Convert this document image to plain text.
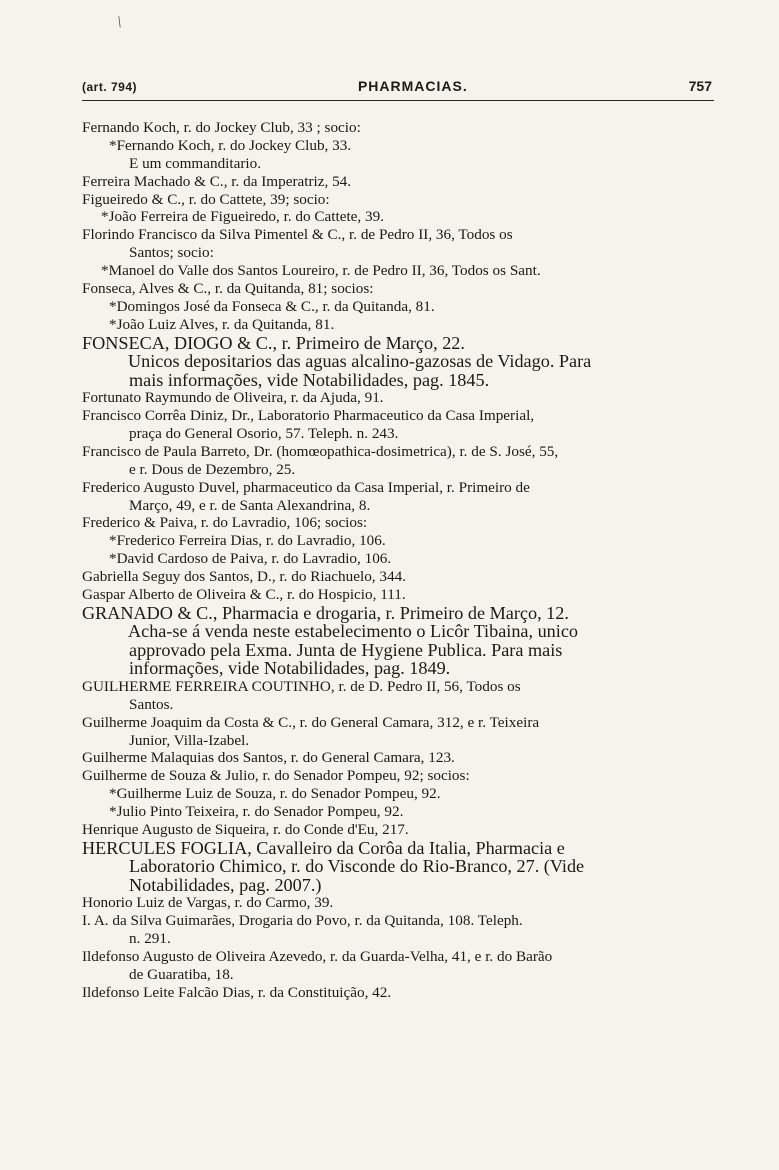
\
(art. 794)	PHARMACIAS.	757
Fernando Koch, r. do Jockey Club, 33 ; socio:
*Fernando Koch, r. do Jockey Club, 33.
E um commanditario.
Ferreira Machado & C., r. da Imperatriz, 54.
Figueiredo & C., r. do Cattete, 39; socio:
*João Ferreira de Figueiredo, r. do Cattete, 39.
Florindo Francisco da Silva Pimentel & C., r. de Pedro II, 36, Todos os
Santos; socio:
*Manoel do Valle dos Santos Loureiro, r. de Pedro II, 36, Todos os Sant.
Fonseca, Alves & C., r. da Quitanda, 81; socios:
*Domingos José da Fonseca & C., r. da Quitanda, 81.
*João Luiz Alves, r. da Quitanda, 81.
FONSECA, DIOGO & C., r. Primeiro de Março, 22.
Unicos depositarios das aguas alcalino-gazosas de Vidago. Para
mais informações, vide Notabilidades, pag. 1845.
Fortunato Raymundo de Oliveira, r. da Ajuda, 91.
Francisco Corrêa Diniz, Dr., Laboratorio Pharmaceutico da Casa Imperial,
praça do General Osorio, 57. Teleph. n. 243.
Francisco de Paula Barreto, Dr. (homœopathica-dosimetrica), r. de S. José, 55,
e r. Dous de Dezembro, 25.
Frederico Augusto Duvel, pharmaceutico da Casa Imperial, r. Primeiro de
Março, 49, e r. de Santa Alexandrina, 8.
Frederico & Paiva, r. do Lavradio, 106; socios:
*Frederico Ferreira Dias, r. do Lavradio, 106.
*David Cardoso de Paiva, r. do Lavradio, 106.
Gabriella Seguy dos Santos, D., r. do Riachuelo, 344.
Gaspar Alberto de Oliveira & C., r. do Hospicio, 111.
GRANADO & C., Pharmacia e drogaria, r. Primeiro de Março, 12.
Acha-se á venda neste estabelecimento o Licôr Tibaina, unico
approvado pela Exma. Junta de Hygiene Publica. Para mais
informações, vide Notabilidades, pag. 1849.
GUILHERME FERREIRA COUTINHO, r. de D. Pedro II, 56, Todos os
Santos.
Guilherme Joaquim da Costa & C., r. do General Camara, 312, e r. Teixeira
Junior, Villa-Izabel.
Guilherme Malaquias dos Santos, r. do General Camara, 123.
Guilherme de Souza & Julio, r. do Senador Pompeu, 92; socios:
*Guilherme Luiz de Souza, r. do Senador Pompeu, 92.
*Julio Pinto Teixeira, r. do Senador Pompeu, 92.
Henrique Augusto de Siqueira, r. do Conde d'Eu, 217.
HERCULES FOGLIA, Cavalleiro da Corôa da Italia, Pharmacia e
Laboratorio Chimico, r. do Visconde do Rio-Branco, 27. (Vide
Notabilidades, pag. 2007.)
Honorio Luiz de Vargas, r. do Carmo, 39.
I. A. da Silva Guimarães, Drogaria do Povo, r. da Quitanda, 108. Teleph.
n. 291.
Ildefonso Augusto de Oliveira Azevedo, r. da Guarda-Velha, 41, e r. do Barão
de Guaratiba, 18.
Ildefonso Leite Falcão Dias, r. da Constituição, 42.
